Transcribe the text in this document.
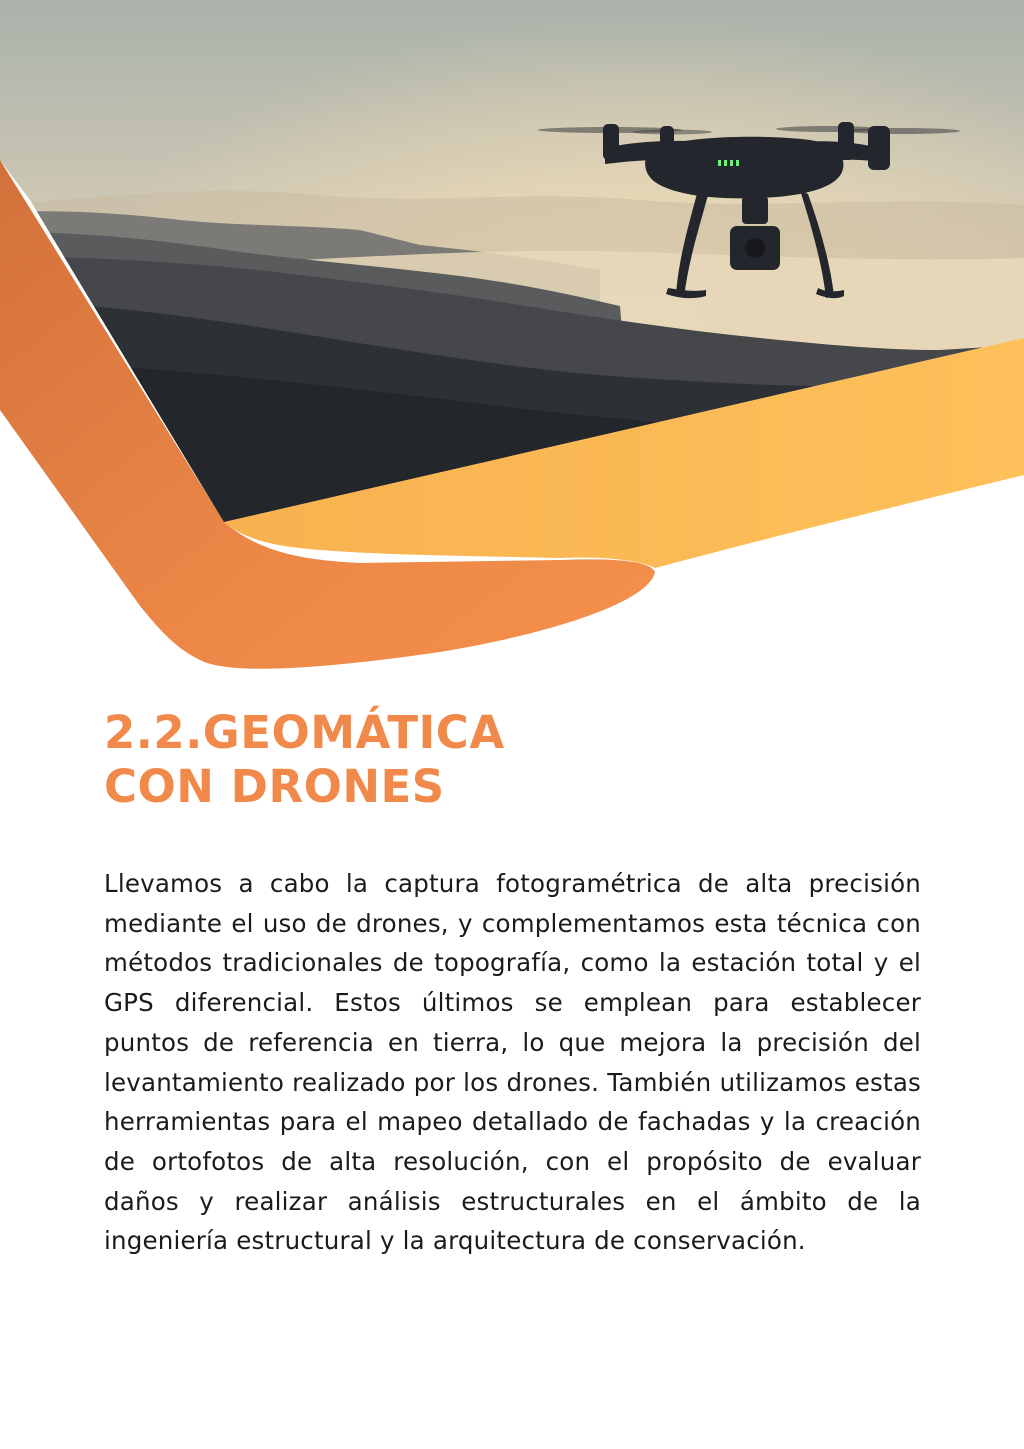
2.2.GEOMÁTICA
CON DRONES

Llevamos a cabo la captura fotogramétrica de alta precisión mediante el uso de drones, y complementamos esta técnica con métodos tradicionales de topografía, como la estación total y el GPS diferencial. Estos últimos se emplean para establecer puntos de referencia en tierra, lo que mejora la precisión del levantamiento realizado por los drones. También utilizamos estas herramientas para el mapeo detallado de fachadas y la creación de ortofotos de alta resolución, con el propósito de evaluar daños y realizar análisis estructurales en el ámbito de la ingeniería estructural y la arquitectura de conservación.
